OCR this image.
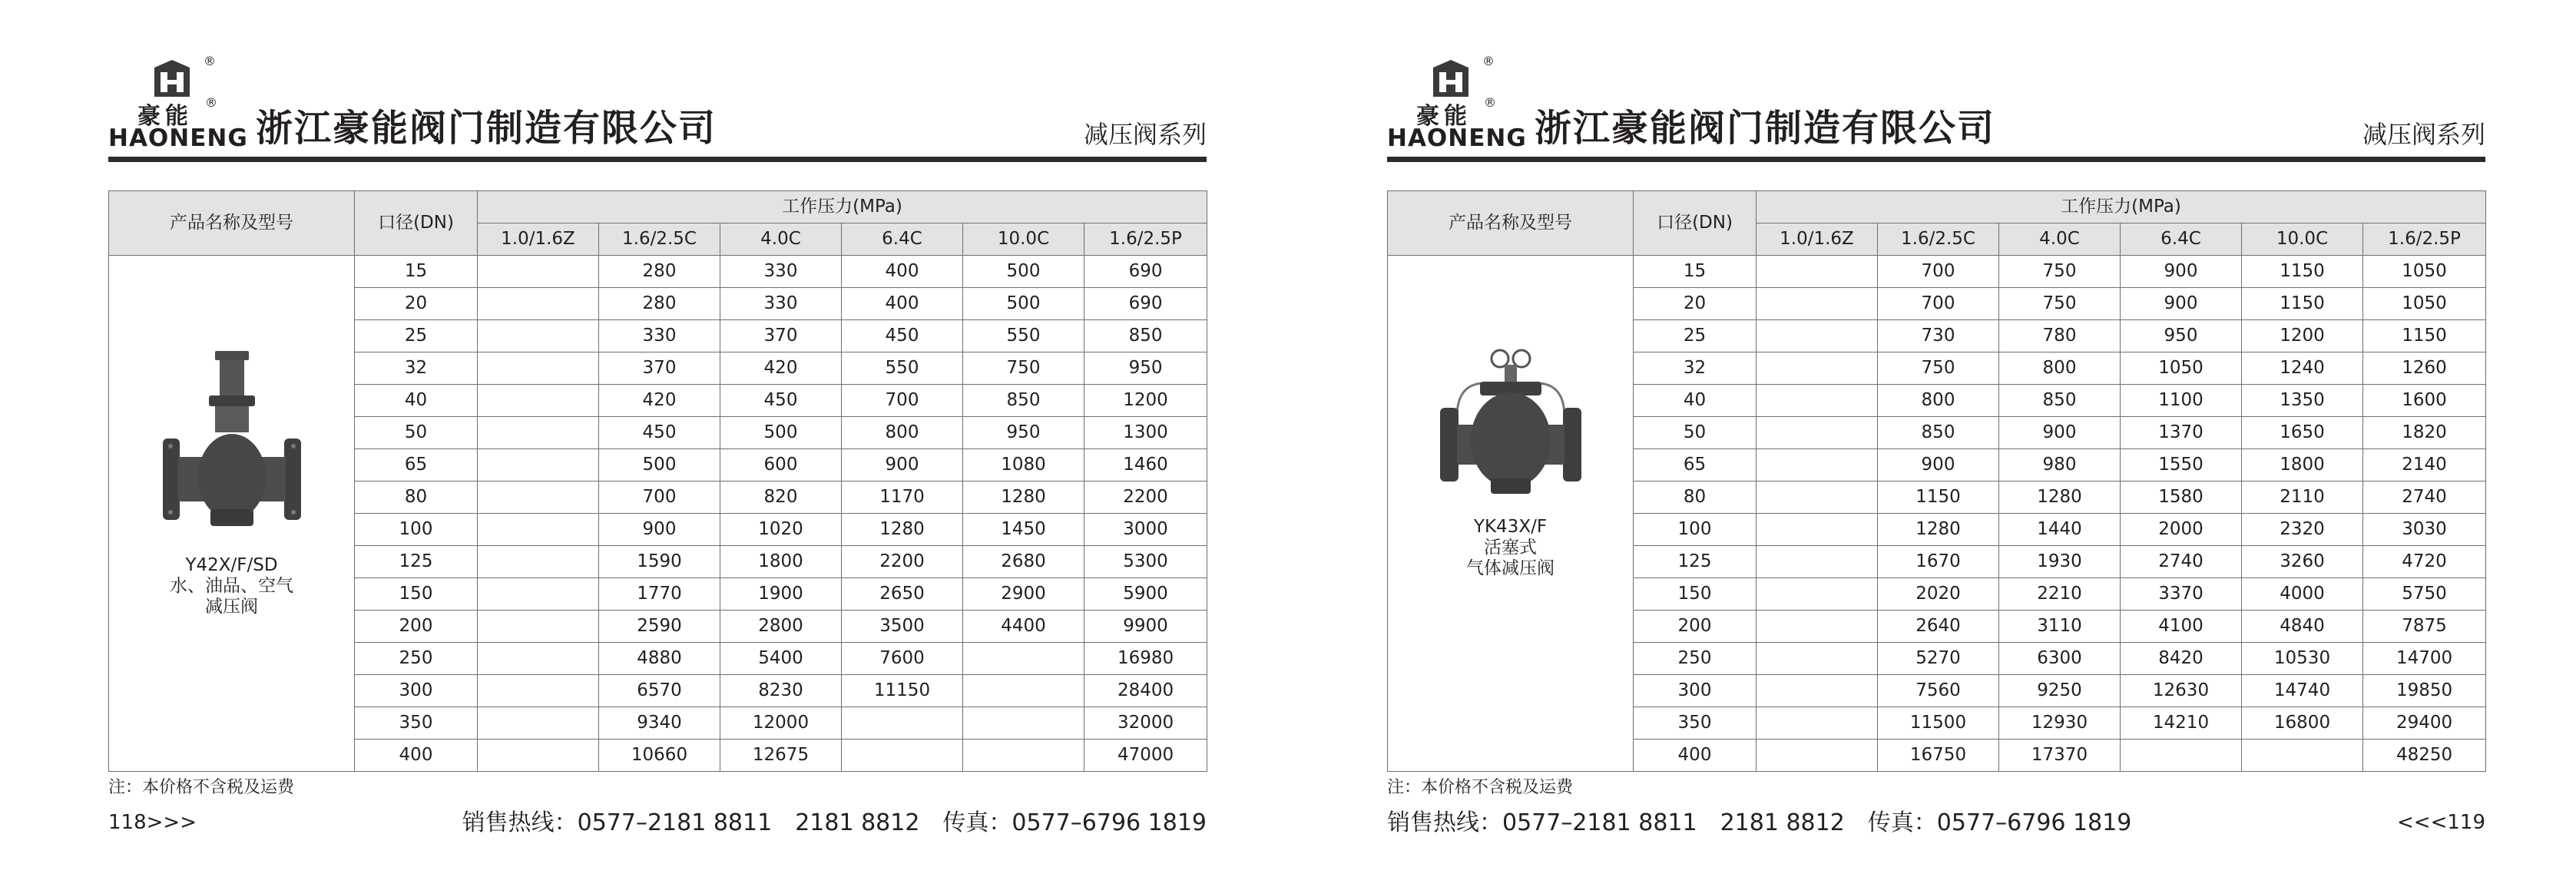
®
豪能
®
HAONENG 浙江豪能阀门制造有限公司	减压阀系列
产品名称及型号	口径(DN)	工作压力(MPa)					
		1.0/1.6Z	1.6/2.5C	4.0C	6.4C	10.0C	1.6/2.5P

Y42X/F/SD
水、油品、空气
减压阀	15		280	330	400	500	690
	20		280	330	400	500	690
	25		330	370	450	550	850
	32		370	420	550	750	950
	40		420	450	700	850	1200
	50		450	500	800	950	1300
	65		500	600	900	1080	1460
	80		700	820	1170	1280	2200
	100		900	1020	1280	1450	3000
	125		1590	1800	2200	2680	5300
	150		1770	1900	2650	2900	5900
	200		2590	2800	3500	4400	9900
	250		4880	5400	7600		16980
	300		6570	8230	11150		28400
	350		9340	12000			32000
	400		10660	12675			47000
注：本价格不含税及运费
销售热线：0577–2181 8811　2181 8812　传真：0577–6796 1819
118>>>
®
豪能
®
HAONENG 浙江豪能阀门制造有限公司	减压阀系列
产品名称及型号	口径(DN)	工作压力(MPa)					
		1.0/1.6Z	1.6/2.5C	4.0C	6.4C	10.0C	1.6/2.5P

YK43X/F
活塞式
气体减压阀	15		700	750	900	1150	1050
	20		700	750	900	1150	1050
	25		730	780	950	1200	1150
	32		750	800	1050	1240	1260
	40		800	850	1100	1350	1600
	50		850	900	1370	1650	1820
	65		900	980	1550	1800	2140
	80		1150	1280	1580	2110	2740
	100		1280	1440	2000	2320	3030
	125		1670	1930	2740	3260	4720
	150		2020	2210	3370	4000	5750
	200		2640	3110	4100	4840	7875
	250		5270	6300	8420	10530	14700
	300		7560	9250	12630	14740	19850
	350		11500	12930	14210	16800	29400
	400		16750	17370			48250
注：本价格不含税及运费
销售热线：0577–2181 8811　2181 8812　传真：0577–6796 1819	<<<119
